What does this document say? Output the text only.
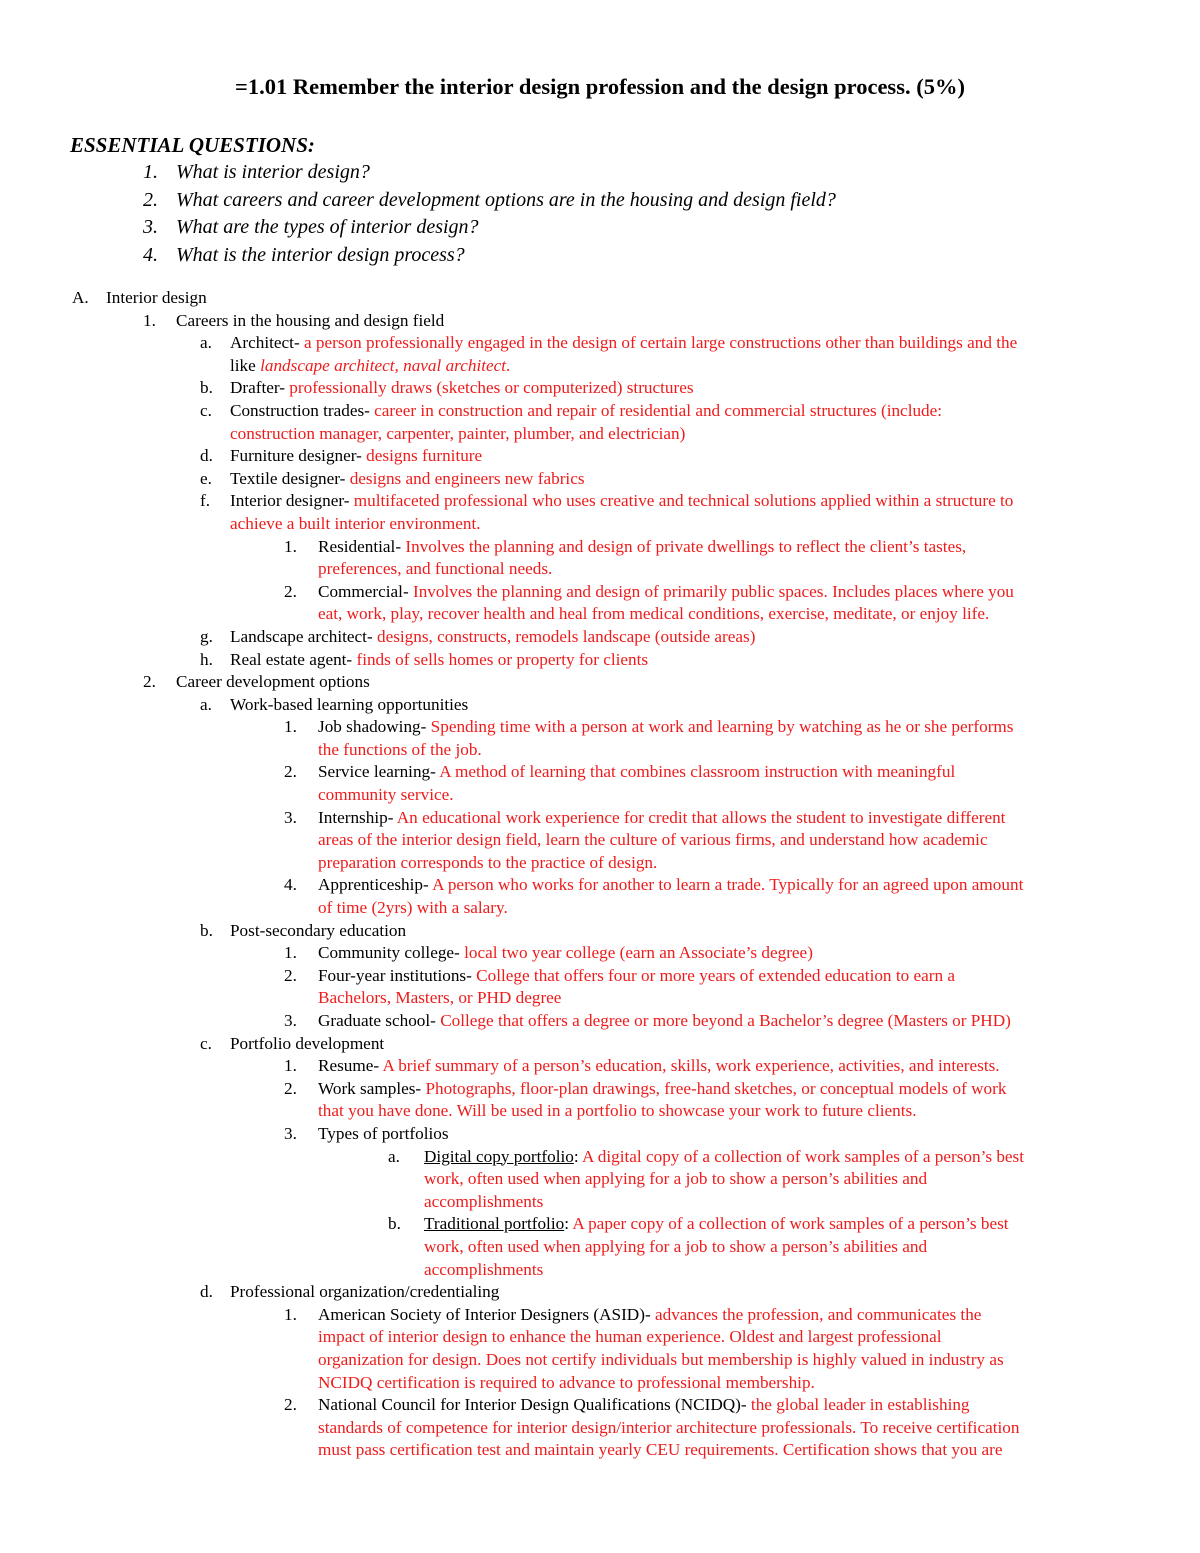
=1.01 Remember the interior design profession and the design process. (5%)
ESSENTIAL QUESTIONS:
1. What is interior design?
2. What careers and career development options are in the housing and design field?
3. What are the types of interior design?
4. What is the interior design process?
A. Interior design
1. Careers in the housing and design field
a. Architect- a person professionally engaged in the design of certain large constructions other than buildings and the
like landscape architect, naval architect.
b. Drafter- professionally draws (sketches or computerized) structures
c. Construction trades- career in construction and repair of residential and commercial structures (include:
construction manager, carpenter, painter, plumber, and electrician)
d. Furniture designer- designs furniture
e. Textile designer- designs and engineers new fabrics
f. Interior designer- multifaceted professional who uses creative and technical solutions applied within a structure to
achieve a built interior environment.
1. Residential- Involves the planning and design of private dwellings to reflect the client’s tastes,
preferences, and functional needs.
2. Commercial- Involves the planning and design of primarily public spaces. Includes places where you
eat, work, play, recover health and heal from medical conditions, exercise, meditate, or enjoy life.
g. Landscape architect- designs, constructs, remodels landscape (outside areas)
h. Real estate agent- finds of sells homes or property for clients
2. Career development options
a. Work-based learning opportunities
1. Job shadowing- Spending time with a person at work and learning by watching as he or she performs
the functions of the job.
2. Service learning- A method of learning that combines classroom instruction with meaningful
community service.
3. Internship- An educational work experience for credit that allows the student to investigate different
areas of the interior design field, learn the culture of various firms, and understand how academic
preparation corresponds to the practice of design.
4. Apprenticeship- A person who works for another to learn a trade. Typically for an agreed upon amount
of time (2yrs) with a salary.
b. Post-secondary education
1. Community college- local two year college (earn an Associate’s degree)
2. Four-year institutions- College that offers four or more years of extended education to earn a
Bachelors, Masters, or PHD degree
3. Graduate school- College that offers a degree or more beyond a Bachelor’s degree (Masters or PHD)
c. Portfolio development
1. Resume- A brief summary of a person’s education, skills, work experience, activities, and interests.
2. Work samples- Photographs, floor-plan drawings, free-hand sketches, or conceptual models of work
that you have done. Will be used in a portfolio to showcase your work to future clients.
3. Types of portfolios
a. Digital copy portfolio: A digital copy of a collection of work samples of a person’s best
work, often used when applying for a job to show a person’s abilities and
accomplishments
b. Traditional portfolio: A paper copy of a collection of work samples of a person’s best
work, often used when applying for a job to show a person’s abilities and
accomplishments
d. Professional organization/credentialing
1. American Society of Interior Designers (ASID)- advances the profession, and communicates the
impact of interior design to enhance the human experience. Oldest and largest professional
organization for design. Does not certify individuals but membership is highly valued in industry as
NCIDQ certification is required to advance to professional membership.
2. National Council for Interior Design Qualifications (NCIDQ)- the global leader in establishing
standards of competence for interior design/interior architecture professionals. To receive certification
must pass certification test and maintain yearly CEU requirements. Certification shows that you are
